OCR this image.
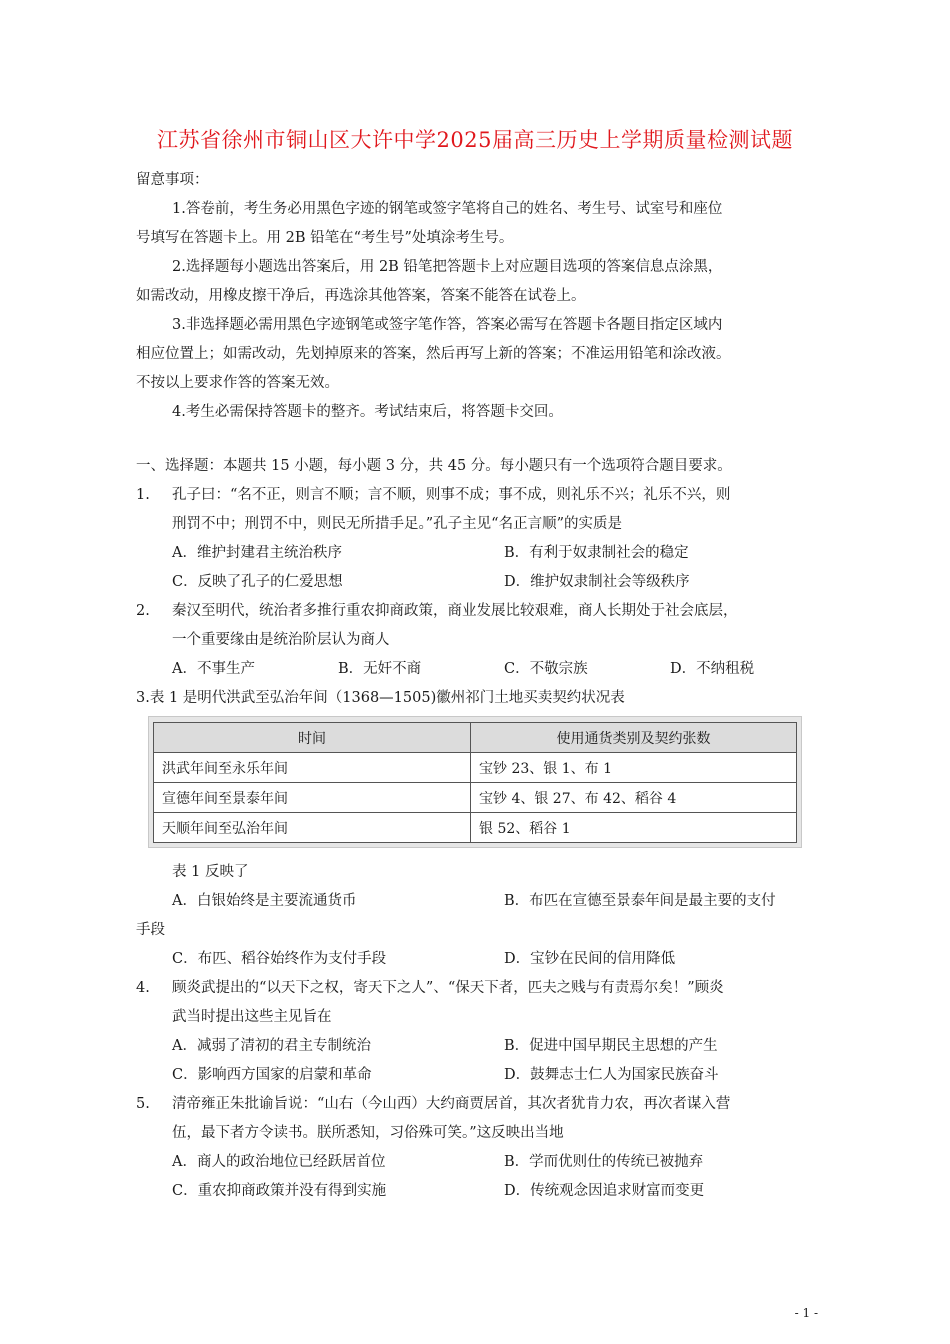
江苏省徐州市铜山区大许中学2025届高三历史上学期质量检测试题
留意事项：
1.答卷前，考生务必用黑色字迹的钢笔或签字笔将自己的姓名、考生号、试室号和座位
号填写在答题卡上。用 2B 铅笔在“考生号”处填涂考生号。
2.选择题每小题选出答案后，用 2B 铅笔把答题卡上对应题目选项的答案信息点涂黑，
如需改动，用橡皮擦干净后，再选涂其他答案，答案不能答在试卷上。
3.非选择题必需用黑色字迹钢笔或签字笔作答，答案必需写在答题卡各题目指定区域内
相应位置上；如需改动，先划掉原来的答案，然后再写上新的答案；不准运用铅笔和涂改液。
不按以上要求作答的答案无效。
4.考生必需保持答题卡的整齐。考试结束后，将答题卡交回。
一、选择题：本题共 15 小题，每小题 3 分，共 45 分。每小题只有一个选项符合题目要求。
1. 孔子曰：“名不正，则言不顺；言不顺，则事不成；事不成，则礼乐不兴；礼乐不兴，则
刑罚不中；刑罚不中，则民无所措手足。”孔子主见“名正言顺”的实质是
A．维护封建君主统治秩序	B．有利于奴隶制社会的稳定
C．反映了孔子的仁爱思想	D．维护奴隶制社会等级秩序
2. 秦汉至明代，统治者多推行重农抑商政策，商业发展比较艰难，商人长期处于社会底层，
一个重要缘由是统治阶层认为商人
A．不事生产	B．无奸不商	C．不敬宗族	D．不纳租税
3.表 1 是明代洪武至弘治年间（1368—1505)徽州祁门土地买卖契约状况表
时间	使用通货类别及契约张数
洪武年间至永乐年间	宝钞 23、银 1、布 1
宣德年间至景泰年间	宝钞 4、银 27、布 42、稻谷 4
天顺年间至弘治年间	银 52、稻谷 1
表 1 反映了
A．白银始终是主要流通货币	B．布匹在宣德至景泰年间是最主要的支付
手段
C．布匹、稻谷始终作为支付手段	D．宝钞在民间的信用降低
4. 顾炎武提出的“以天下之权，寄天下之人”、“保天下者，匹夫之贱与有责焉尔矣！”顾炎
武当时提出这些主见旨在
A．减弱了清初的君主专制统治	B．促进中国早期民主思想的产生
C．影响西方国家的启蒙和革命	D．鼓舞志士仁人为国家民族奋斗
5. 清帝雍正朱批谕旨说：“山右（今山西）大约商贾居首，其次者犹肯力农，再次者谋入营
伍，最下者方令读书。朕所悉知，习俗殊可笑。”这反映出当地
A．商人的政治地位已经跃居首位	B．学而优则仕的传统已被抛弃
C．重农抑商政策并没有得到实施	D．传统观念因追求财富而变更
- 1 -
